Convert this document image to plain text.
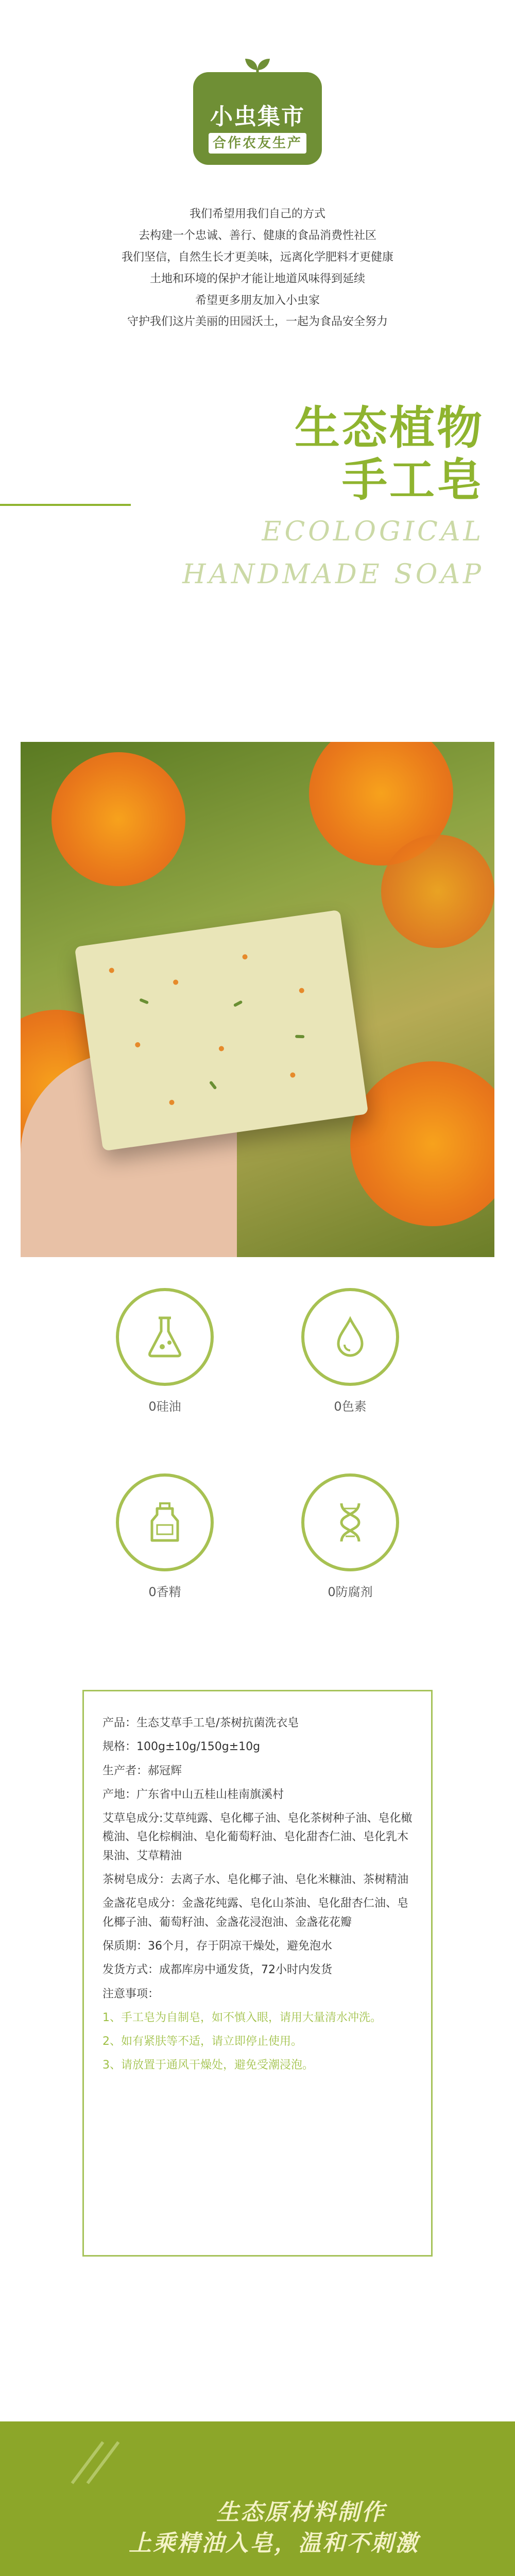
小虫集市
合作农友生产

我们希望用我们自己的方式

去构建一个忠诚、善行、健康的食品消费性社区

我们坚信，自然生长才更美味，远离化学肥料才更健康

土地和环境的保护才能让地道风味得到延续

希望更多朋友加入小虫家

守护我们这片美丽的田园沃土，一起为食品安全努力

生态植物
手工皂
ECOLOGICAL
HANDMADE SOAP
0硅油	0色素
0香精	0防腐剂

产品：生态艾草手工皂/茶树抗菌洗衣皂

规格：100g±10g/150g±10g

生产者：郝冠辉

产地：广东省中山五桂山桂南旗溪村

艾草皂成分:艾草纯露、皂化椰子油、皂化茶树种子油、皂化橄榄油、皂化棕榈油、皂化葡萄籽油、皂化甜杏仁油、皂化乳木果油、艾草精油

茶树皂成分：去离子水、皂化椰子油、皂化米糠油、茶树精油

金盏花皂成分：金盏花纯露、皂化山茶油、皂化甜杏仁油、皂化椰子油、葡萄籽油、金盏花浸泡油、金盏花花瓣

保质期：36个月，存于阴凉干燥处，避免泡水

发货方式：成都库房中通发货，72小时内发货

注意事项：

1、手工皂为自制皂，如不慎入眼，请用大量清水冲洗。

2、如有紧肤等不适，请立即停止使用。

3、请放置于通风干燥处，避免受潮浸泡。

生态原材料制作
上乘精油入皂，温和不刺激
